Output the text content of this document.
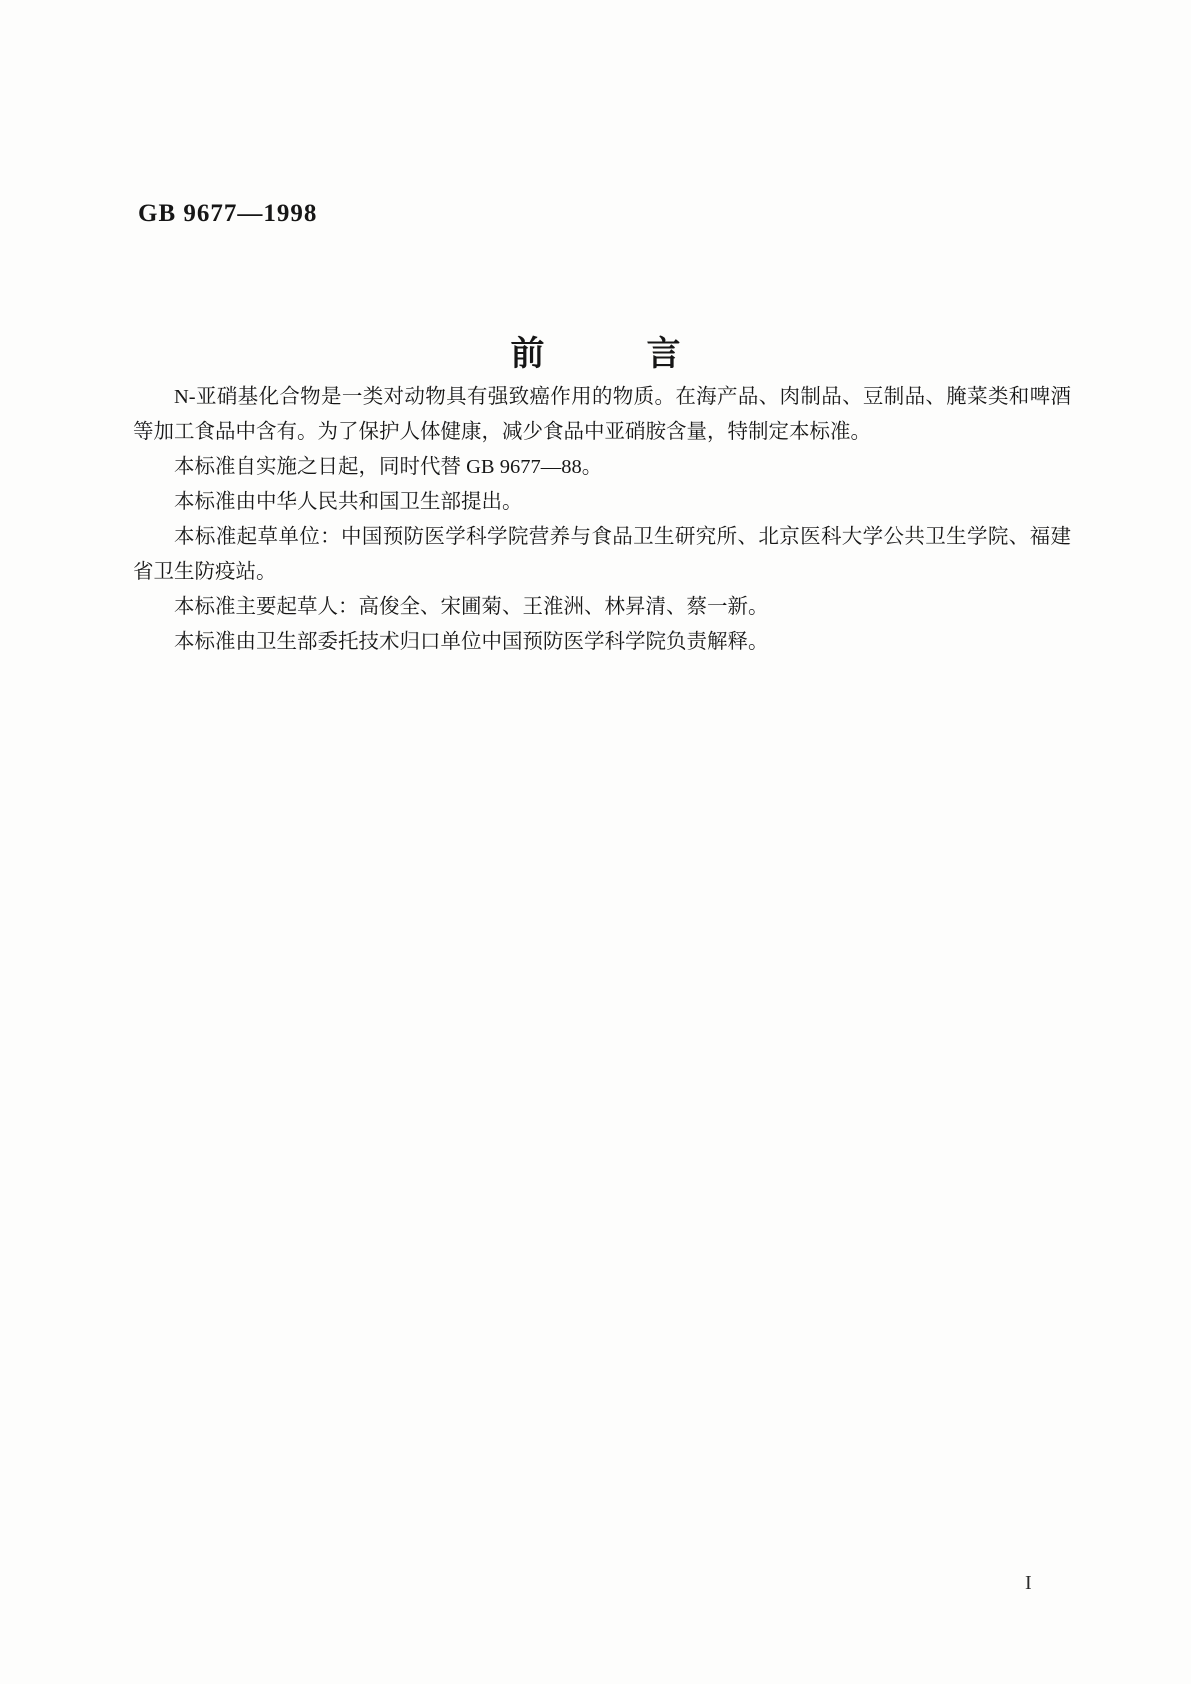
GB 9677—1998
前　　　言

N-亚硝基化合物是一类对动物具有强致癌作用的物质。在海产品、肉制品、豆制品、腌菜类和啤酒等加工食品中含有。为了保护人体健康，减少食品中亚硝胺含量，特制定本标准。

本标准自实施之日起，同时代替 GB 9677—88。

本标准由中华人民共和国卫生部提出。

本标准起草单位：中国预防医学科学院营养与食品卫生研究所、北京医科大学公共卫生学院、福建省卫生防疫站。

本标准主要起草人：高俊全、宋圃菊、王淮洲、林昇清、蔡一新。

本标准由卫生部委托技术归口单位中国预防医学科学院负责解释。

I
